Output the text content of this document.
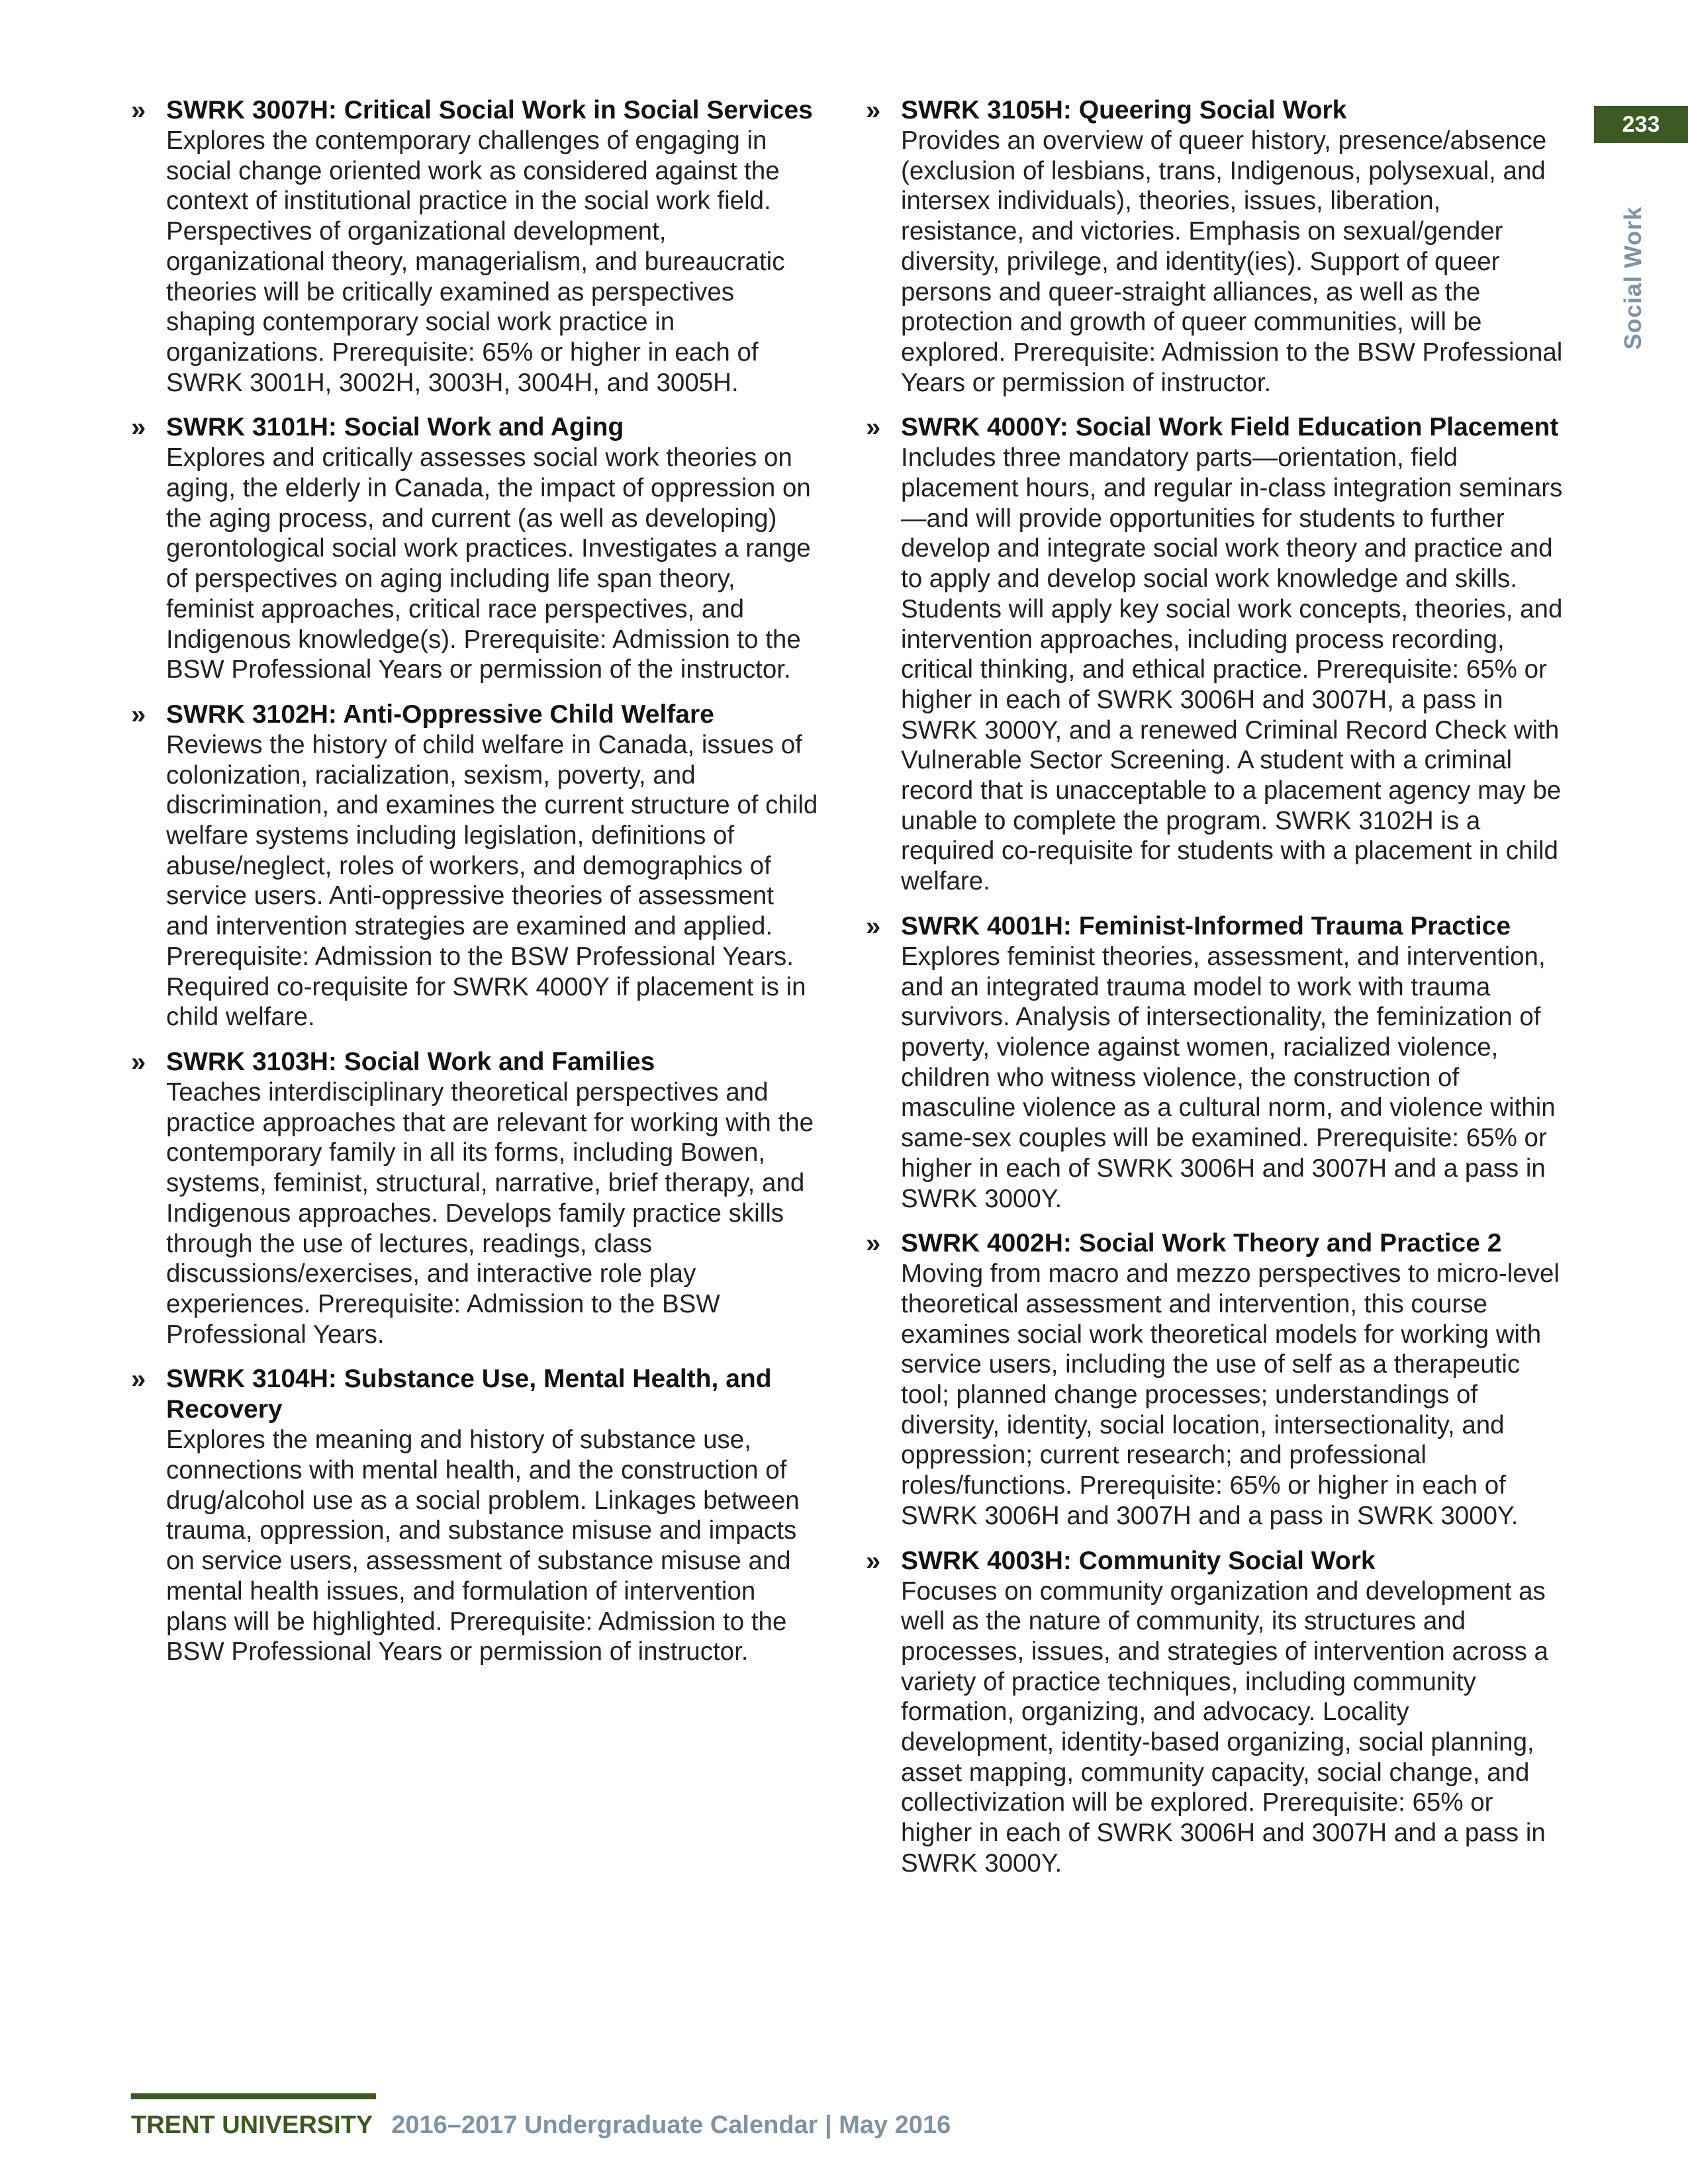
233
Social Work
» SWRK 3007H: Critical Social Work in Social Services
Explores the contemporary challenges of engaging in social change oriented work as considered against the context of institutional practice in the social work field. Perspectives of organizational development, organizational theory, managerialism, and bureaucratic theories will be critically examined as perspectives shaping contemporary social work practice in organizations. Prerequisite: 65% or higher in each of SWRK 3001H, 3002H, 3003H, 3004H, and 3005H.
» SWRK 3101H: Social Work and Aging
Explores and critically assesses social work theories on aging, the elderly in Canada, the impact of oppression on the aging process, and current (as well as developing) gerontological social work practices. Investigates a range of perspectives on aging including life span theory, feminist approaches, critical race perspectives, and Indigenous knowledge(s). Prerequisite: Admission to the BSW Professional Years or permission of the instructor.
» SWRK 3102H: Anti-Oppressive Child Welfare
Reviews the history of child welfare in Canada, issues of colonization, racialization, sexism, poverty, and discrimination, and examines the current structure of child welfare systems including legislation, definitions of abuse/neglect, roles of workers, and demographics of service users. Anti-oppressive theories of assessment and intervention strategies are examined and applied. Prerequisite: Admission to the BSW Professional Years. Required co-requisite for SWRK 4000Y if placement is in child welfare.
» SWRK 3103H: Social Work and Families
Teaches interdisciplinary theoretical perspectives and practice approaches that are relevant for working with the contemporary family in all its forms, including Bowen, systems, feminist, structural, narrative, brief therapy, and Indigenous approaches. Develops family practice skills through the use of lectures, readings, class discussions/exercises, and interactive role play experiences. Prerequisite: Admission to the BSW Professional Years.
» SWRK 3104H: Substance Use, Mental Health, and Recovery
Explores the meaning and history of substance use, connections with mental health, and the construction of drug/alcohol use as a social problem. Linkages between trauma, oppression, and substance misuse and impacts on service users, assessment of substance misuse and mental health issues, and formulation of intervention plans will be highlighted. Prerequisite: Admission to the BSW Professional Years or permission of instructor.
» SWRK 3105H: Queering Social Work
Provides an overview of queer history, presence/absence (exclusion of lesbians, trans, Indigenous, polysexual, and intersex individuals), theories, issues, liberation, resistance, and victories. Emphasis on sexual/gender diversity, privilege, and identity(ies). Support of queer persons and queer-straight alliances, as well as the protection and growth of queer communities, will be explored. Prerequisite: Admission to the BSW Professional Years or permission of instructor.
» SWRK 4000Y: Social Work Field Education Placement
Includes three mandatory parts—orientation, field placement hours, and regular in-class integration seminars—and will provide opportunities for students to further develop and integrate social work theory and practice and to apply and develop social work knowledge and skills. Students will apply key social work concepts, theories, and intervention approaches, including process recording, critical thinking, and ethical practice. Prerequisite: 65% or higher in each of SWRK 3006H and 3007H, a pass in SWRK 3000Y, and a renewed Criminal Record Check with Vulnerable Sector Screening. A student with a criminal record that is unacceptable to a placement agency may be unable to complete the program. SWRK 3102H is a required co-requisite for students with a placement in child welfare.
» SWRK 4001H: Feminist-Informed Trauma Practice
Explores feminist theories, assessment, and intervention, and an integrated trauma model to work with trauma survivors. Analysis of intersectionality, the feminization of poverty, violence against women, racialized violence, children who witness violence, the construction of masculine violence as a cultural norm, and violence within same-sex couples will be examined. Prerequisite: 65% or higher in each of SWRK 3006H and 3007H and a pass in SWRK 3000Y.
» SWRK 4002H: Social Work Theory and Practice 2
Moving from macro and mezzo perspectives to micro-level theoretical assessment and intervention, this course examines social work theoretical models for working with service users, including the use of self as a therapeutic tool; planned change processes; understandings of diversity, identity, social location, intersectionality, and oppression; current research; and professional roles/functions. Prerequisite: 65% or higher in each of SWRK 3006H and 3007H and a pass in SWRK 3000Y.
» SWRK 4003H: Community Social Work
Focuses on community organization and development as well as the nature of community, its structures and processes, issues, and strategies of intervention across a variety of practice techniques, including community formation, organizing, and advocacy. Locality development, identity-based organizing, social planning, asset mapping, community capacity, social change, and collectivization will be explored. Prerequisite: 65% or higher in each of SWRK 3006H and 3007H and a pass in SWRK 3000Y.
TRENT UNIVERSITY 2016–2017 Undergraduate Calendar | May 2016
